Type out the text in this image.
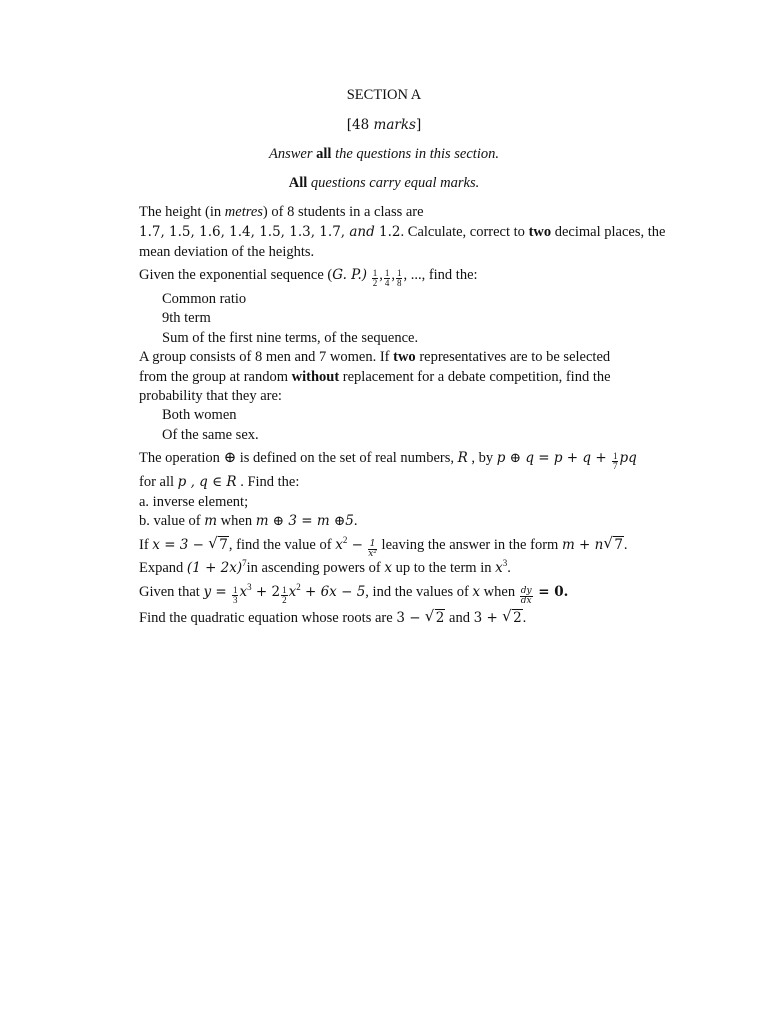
SECTION A
[48 marks]
Answer all the questions in this section.
All questions carry equal marks.
The height (in metres) of 8 students in a class are
1.7, 1.5, 1.6, 1.4, 1.5, 1.3, 1.7, and 1.2. Calculate, correct to two decimal places, the
mean deviation of the heights.
Given the exponential sequence (G. $P.) \frac{1}{2}$ , $\frac{1}{4}$ , $\frac{1}{8}$ , ..., find the:
Common ratio
9th term
Sum of the first nine terms, of the sequence.
A group consists of 8 men and 7 women. If two representatives are to be selected
from the group at random without replacement for a debate competition, find the
probability that they are:
Both women
Of the same sex.
The operation ⊕ is defined on the set of real numbers, R , by p ⊕ $q = p + q + \frac{1}{7}$ pq
for all p , q ∈ R . Find the:
a. inverse element;
b. value of m when m ⊕ 3 = m ⊕5.
If x = 3 − √ 7, find the value of $x^2 - \frac{1}{\text{x²}}$ leaving the answer in the form m + n √ 7.
Expand $(1 + 2x)^7in$ ascending powers of x up to the term in $x^3$.
Given that $y = \frac{1}{3} x^3 + 2 \frac{1}{2} x^2 + 6x - 5$, ind the values of x when $\frac{dy}{dx} = 0$.
Find the quadratic equation whose roots are 3 − √ 2 and 3 + √ 2.
